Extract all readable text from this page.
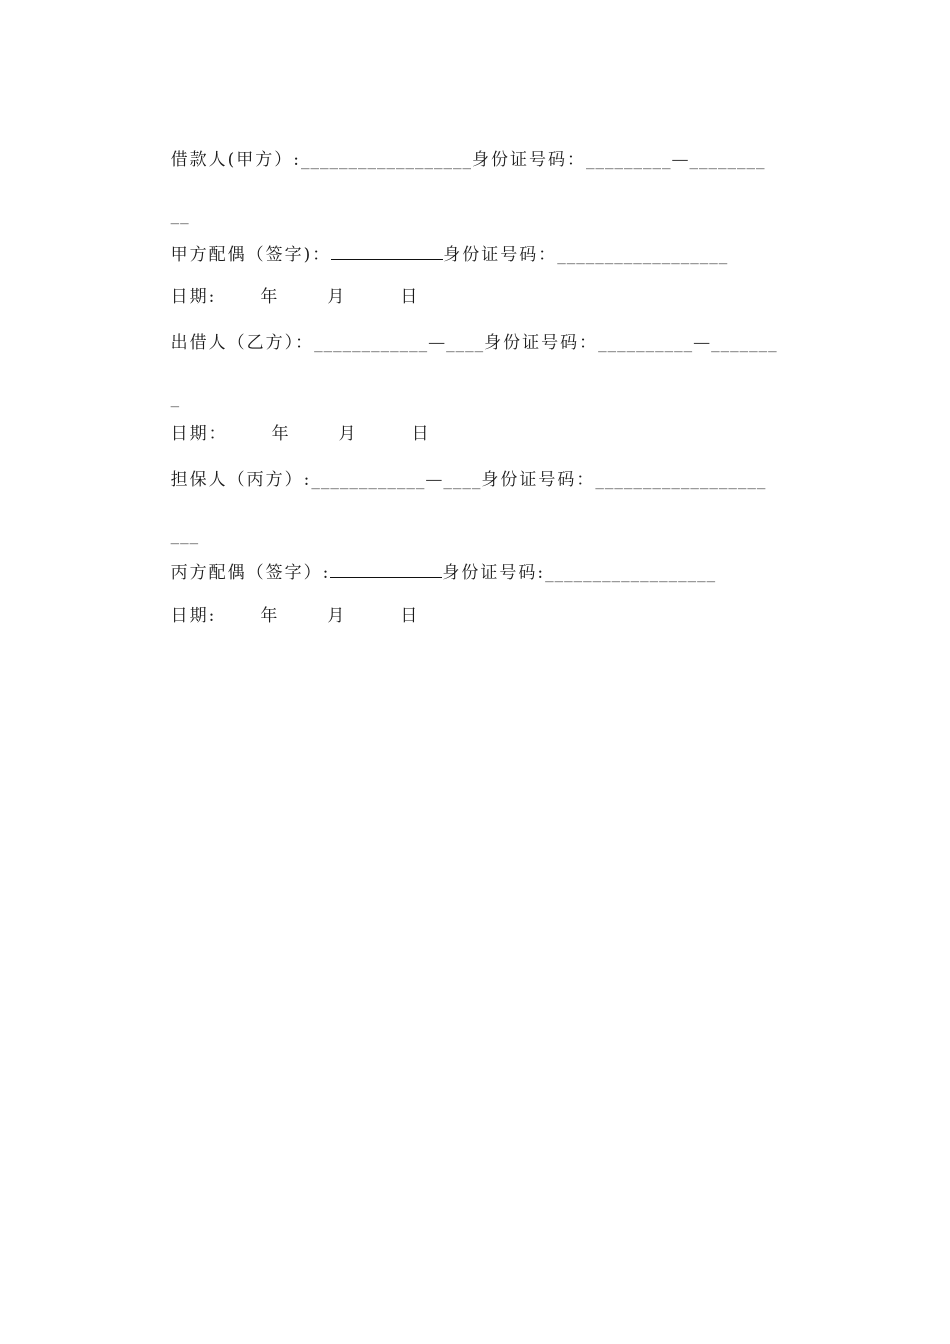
借款人(甲方）:__________________身份证号码：_________—________

__

甲方配偶（签字)：	身份证号码：__________________

日期:	年	月	日

出借人（乙方）：____________—____身份证号码：__________—_______

_

日期：	年	月	日

担保人（丙方）:____________—____身份证号码：__________________

___

丙方配偶（签字）:	身份证号码:__________________

日期:	年	月	日
